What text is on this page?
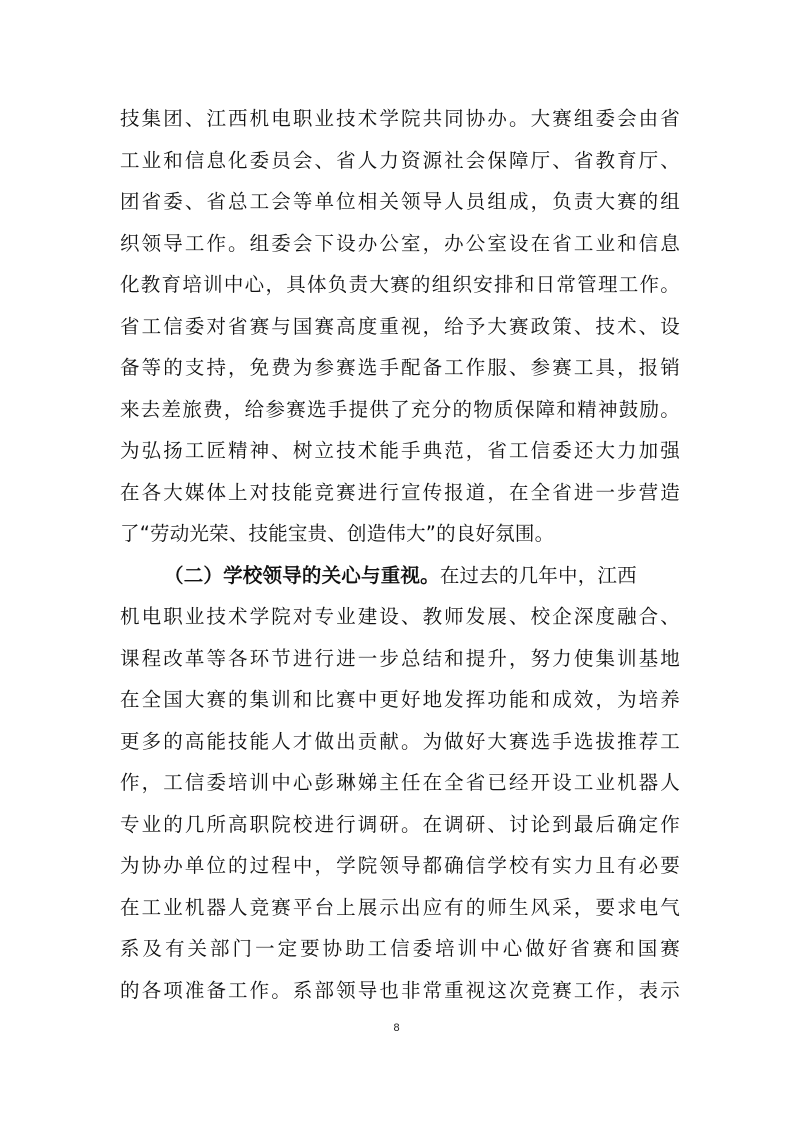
技集团、江西机电职业技术学院共同协办。大赛组委会由省
工业和信息化委员会、省人力资源社会保障厅、省教育厅、
团省委、省总工会等单位相关领导人员组成，负责大赛的组
织领导工作。组委会下设办公室，办公室设在省工业和信息
化教育培训中心，具体负责大赛的组织安排和日常管理工作。
省工信委对省赛与国赛高度重视，给予大赛政策、技术、设
备等的支持，免费为参赛选手配备工作服、参赛工具，报销
来去差旅费，给参赛选手提供了充分的物质保障和精神鼓励。
为弘扬工匠精神、树立技术能手典范，省工信委还大力加强
在各大媒体上对技能竞赛进行宣传报道，在全省进一步营造
了“劳动光荣、技能宝贵、创造伟大”的良好氛围。
（二）学校领导的关心与重视。在过去的几年中，江西
机电职业技术学院对专业建设、教师发展、校企深度融合、
课程改革等各环节进行进一步总结和提升，努力使集训基地
在全国大赛的集训和比赛中更好地发挥功能和成效，为培养
更多的高能技能人才做出贡献。为做好大赛选手选拔推荐工
作，工信委培训中心彭琳娣主任在全省已经开设工业机器人
专业的几所高职院校进行调研。在调研、讨论到最后确定作
为协办单位的过程中，学院领导都确信学校有实力且有必要
在工业机器人竞赛平台上展示出应有的师生风采，要求电气
系及有关部门一定要协助工信委培训中心做好省赛和国赛
的各项准备工作。系部领导也非常重视这次竞赛工作，表示
8
